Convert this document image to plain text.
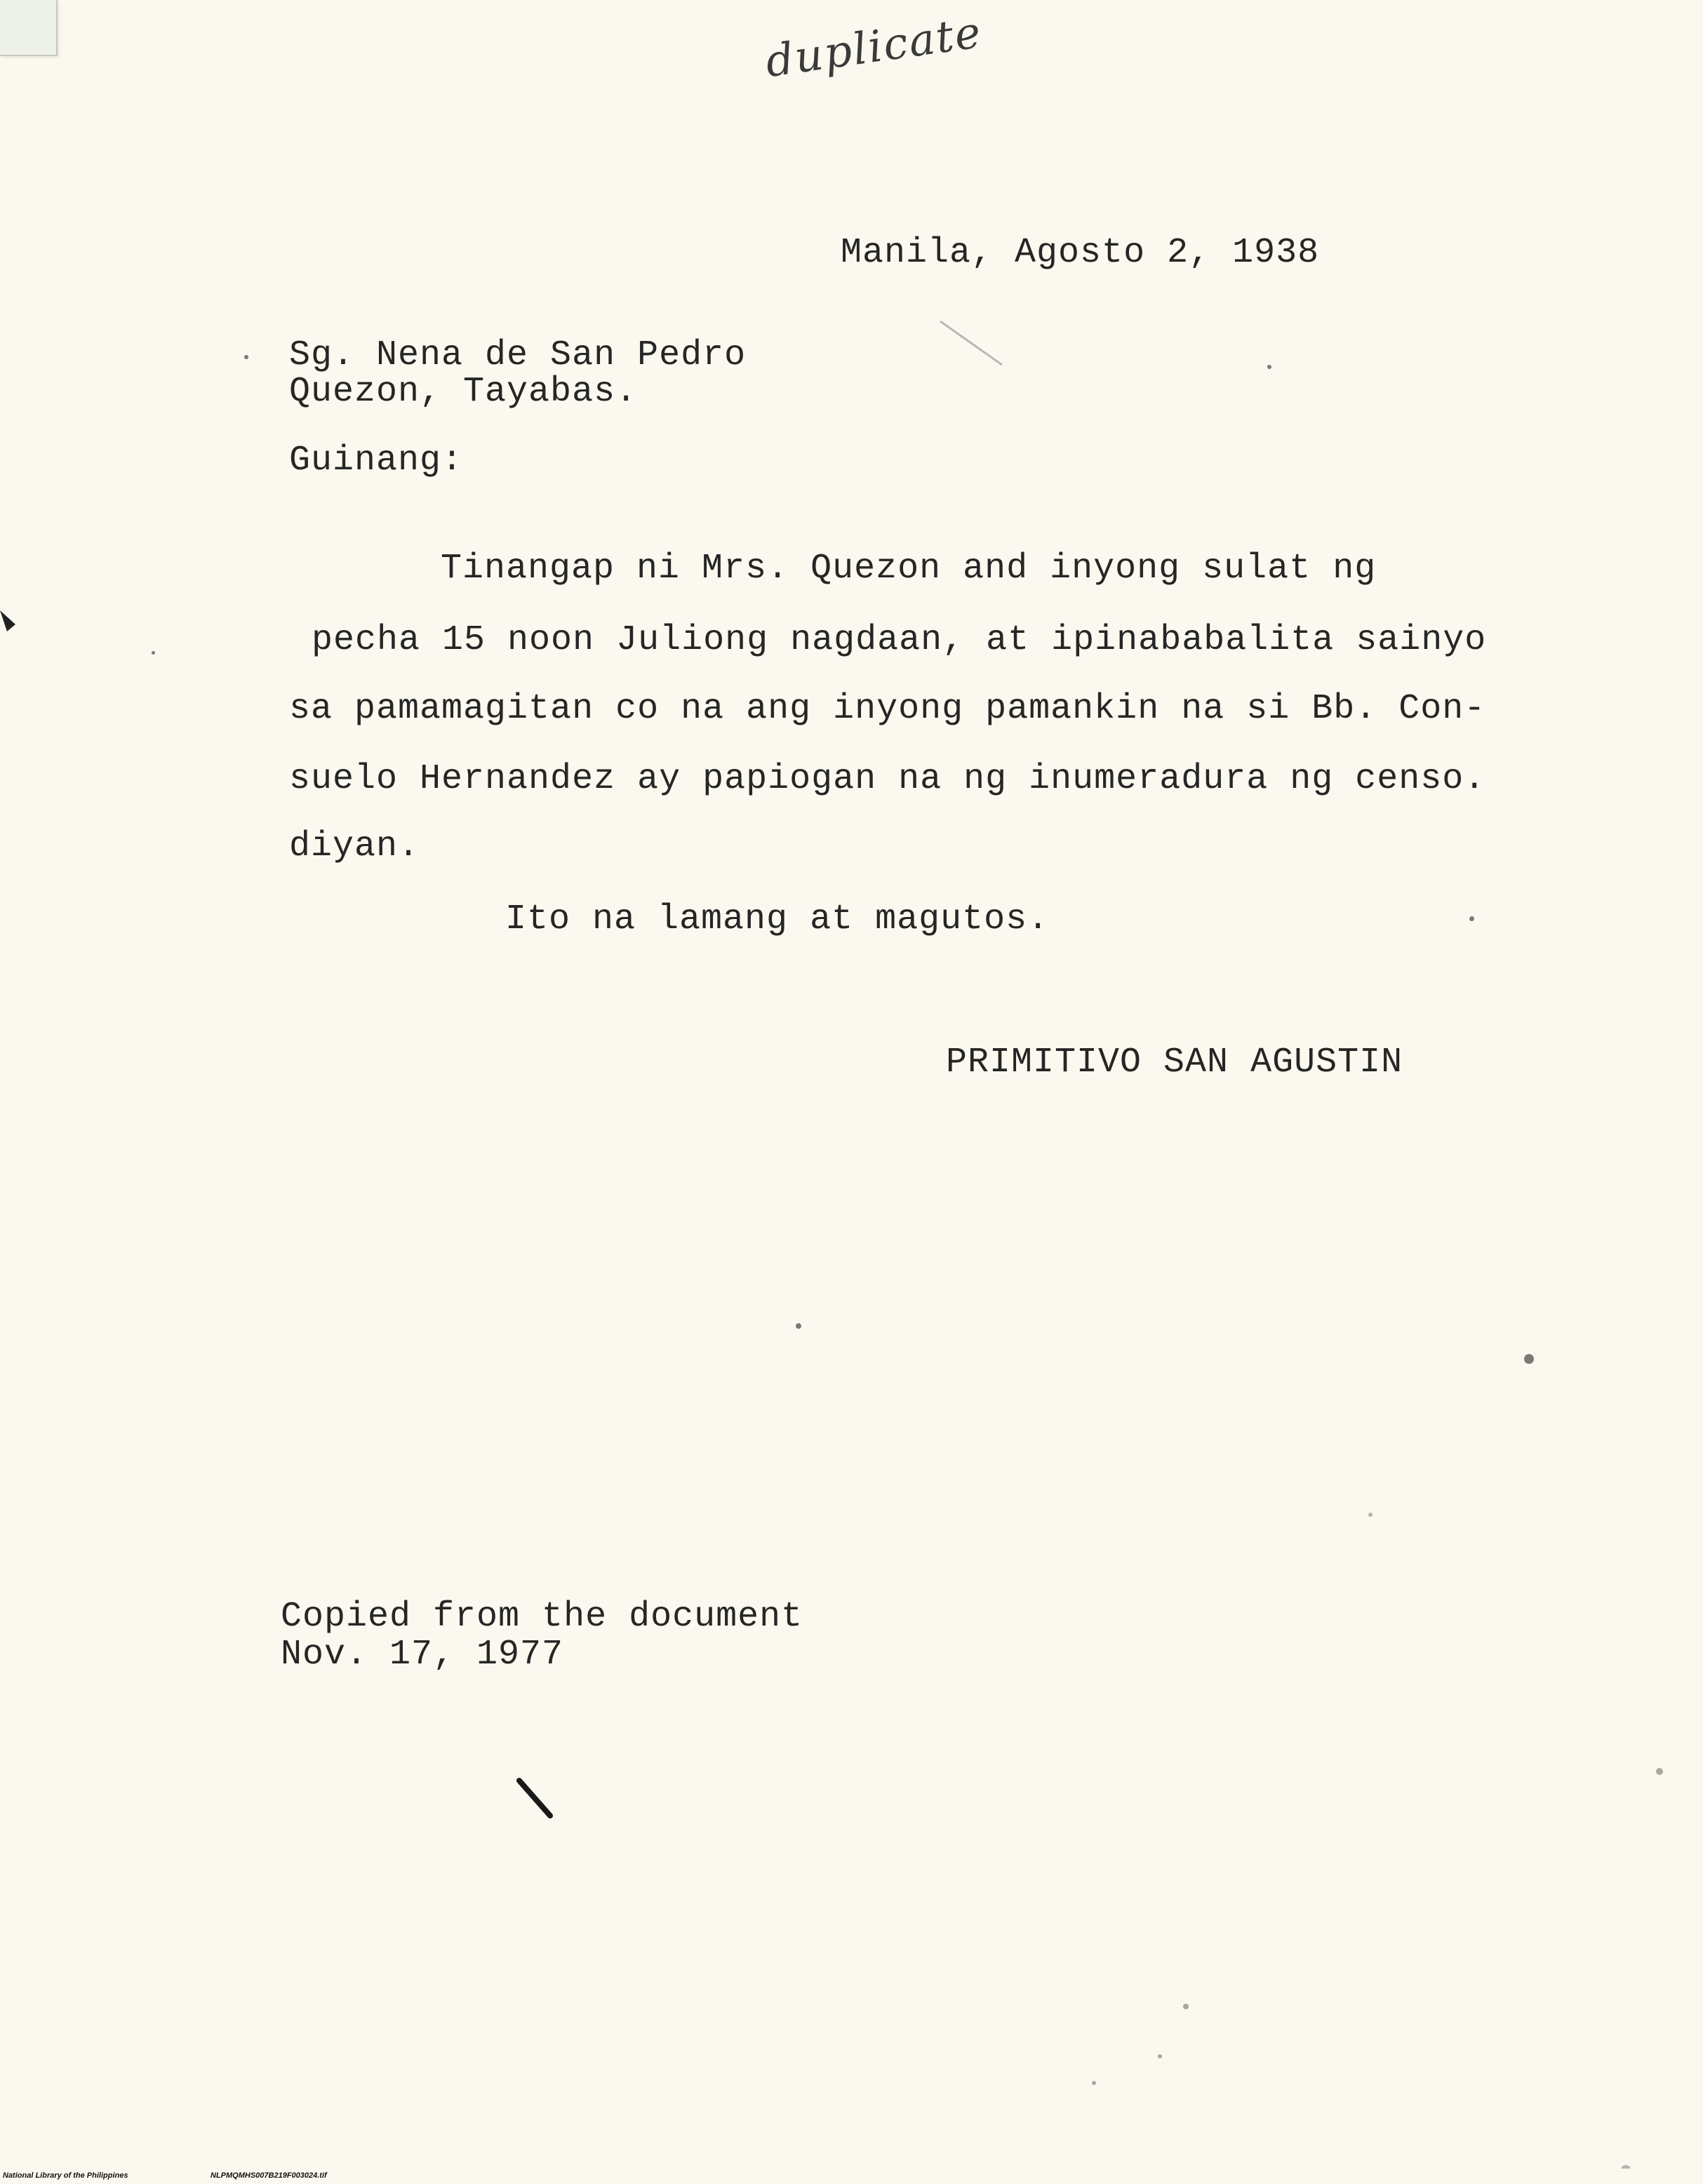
duplicate
Manila, Agosto 2, 1938
Sg. Nena de San Pedro
Quezon, Tayabas.
Guinang:
Tinangap ni Mrs. Quezon and inyong sulat ng
pecha 15 noon Juliong nagdaan, at ipinababalita sainyo
sa pamamagitan co na ang inyong pamankin na si Bb. Con-
suelo Hernandez ay papiogan na ng inumeradura ng censo.
diyan.
Ito na lamang at magutos.
PRIMITIVO SAN AGUSTIN
Copied from the document
Nov. 17, 1977
National Library of the Philippines	NLPMQMHS007B219F003024.tif
